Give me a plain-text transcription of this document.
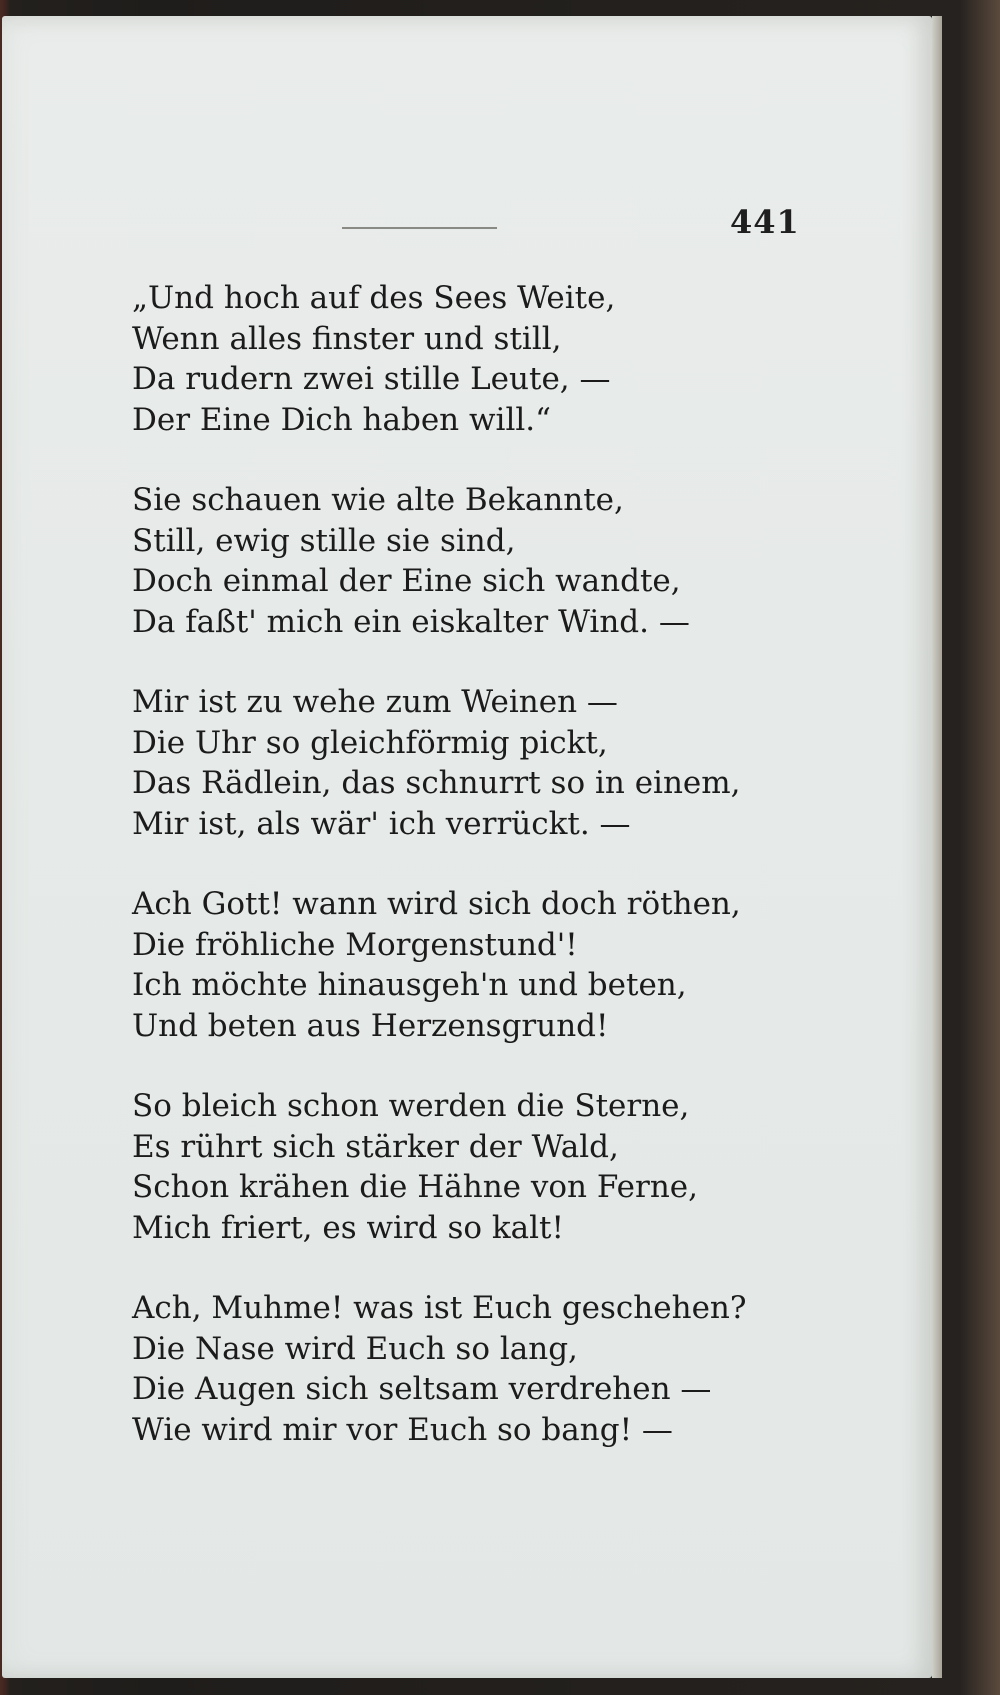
441
„Und hoch auf des Sees Weite,
Wenn alles finster und still,
Da rudern zwei stille Leute, —
Der Eine Dich haben will.“
Sie schauen wie alte Bekannte,
Still, ewig stille sie sind,
Doch einmal der Eine sich wandte,
Da faßt' mich ein eiskalter Wind. —
Mir ist zu wehe zum Weinen —
Die Uhr so gleichförmig pickt,
Das Rädlein, das schnurrt so in einem,
Mir ist, als wär' ich verrückt. —
Ach Gott! wann wird sich doch röthen,
Die fröhliche Morgenstund'!
Ich möchte hinausgeh'n und beten,
Und beten aus Herzensgrund!
So bleich schon werden die Sterne,
Es rührt sich stärker der Wald,
Schon krähen die Hähne von Ferne,
Mich friert, es wird so kalt!
Ach, Muhme! was ist Euch geschehen?
Die Nase wird Euch so lang,
Die Augen sich seltsam verdrehen —
Wie wird mir vor Euch so bang! —
